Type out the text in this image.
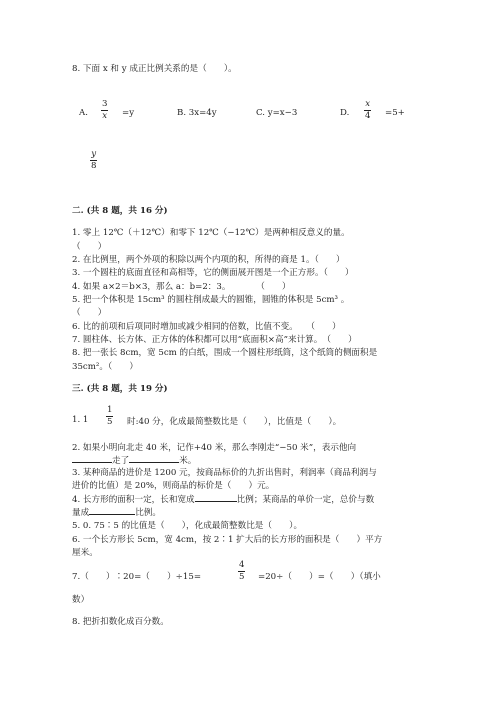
8. 下面 x 和 y 成正比例关系的是（　　）。
A. $\frac{3}{x} =y$	B. 3x=4y	C. y=x−3	D. $\frac{x}{4} =5+$
$\frac{y}{8}$
二. (共 8 题，共 16 分)
1. 零上 12℃（＋12℃）和零下 12℃（−12℃）是两种相反意义的量。
（　　）
2. 在比例里，两个外项的积除以两个内项的积，所得的商是 1。（　　）
3. 一个圆柱的底面直径和高相等，它的侧面展开图是一个正方形。（　　）
4. 如果 a×2＝b×3，那么 a：b=2：3。　　　　（　　）
5. 把一个体积是 15cm³ 的圆柱削成最大的圆锥，圆锥的体积是 5cm³ 。
（　　）
6. 比的前项和后项同时增加或减少相同的倍数，比值不变。　　（　　）
7. 圆柱体、长方体、正方体的体积都可以用“底面积×高”来计算。　（　　）
8. 把一张长 8cm，宽 5cm 的白纸，围成一个圆柱形纸筒，这个纸筒的侧面积是
35cm²。（　　）
三. (共 8 题，共 19 分)
1. $1 \frac{1}{5}$ 时:40 分，化成最简整数比是（　　），比值是（　　）。
2. 如果小明向北走 40 米，记作+40 米，那么李刚走“−50 米”，表示他向
走了	米。
3. 某种商品的进价是 1200 元，按商品标价的九折出售时，利润率（商品利润与
进价的比值）是 20%，则商品的标价是（　　）元。
4. 长方形的面积一定，长和宽成	比例；某商品的单价一定，总价与数
量成	比例。
5. 0. 75∶5 的比值是（　　），化成最简整数比是（　　）。
6. 一个长方形长 5cm，宽 4cm，按 2∶1 扩大后的长方形的面积是（　　）平方
厘米。
7.（　　）∶20=（　　）÷15=	$\frac{4}{5} =20\div$（　　）=（　　）（填小
数）
8. 把折扣数化成百分数。
